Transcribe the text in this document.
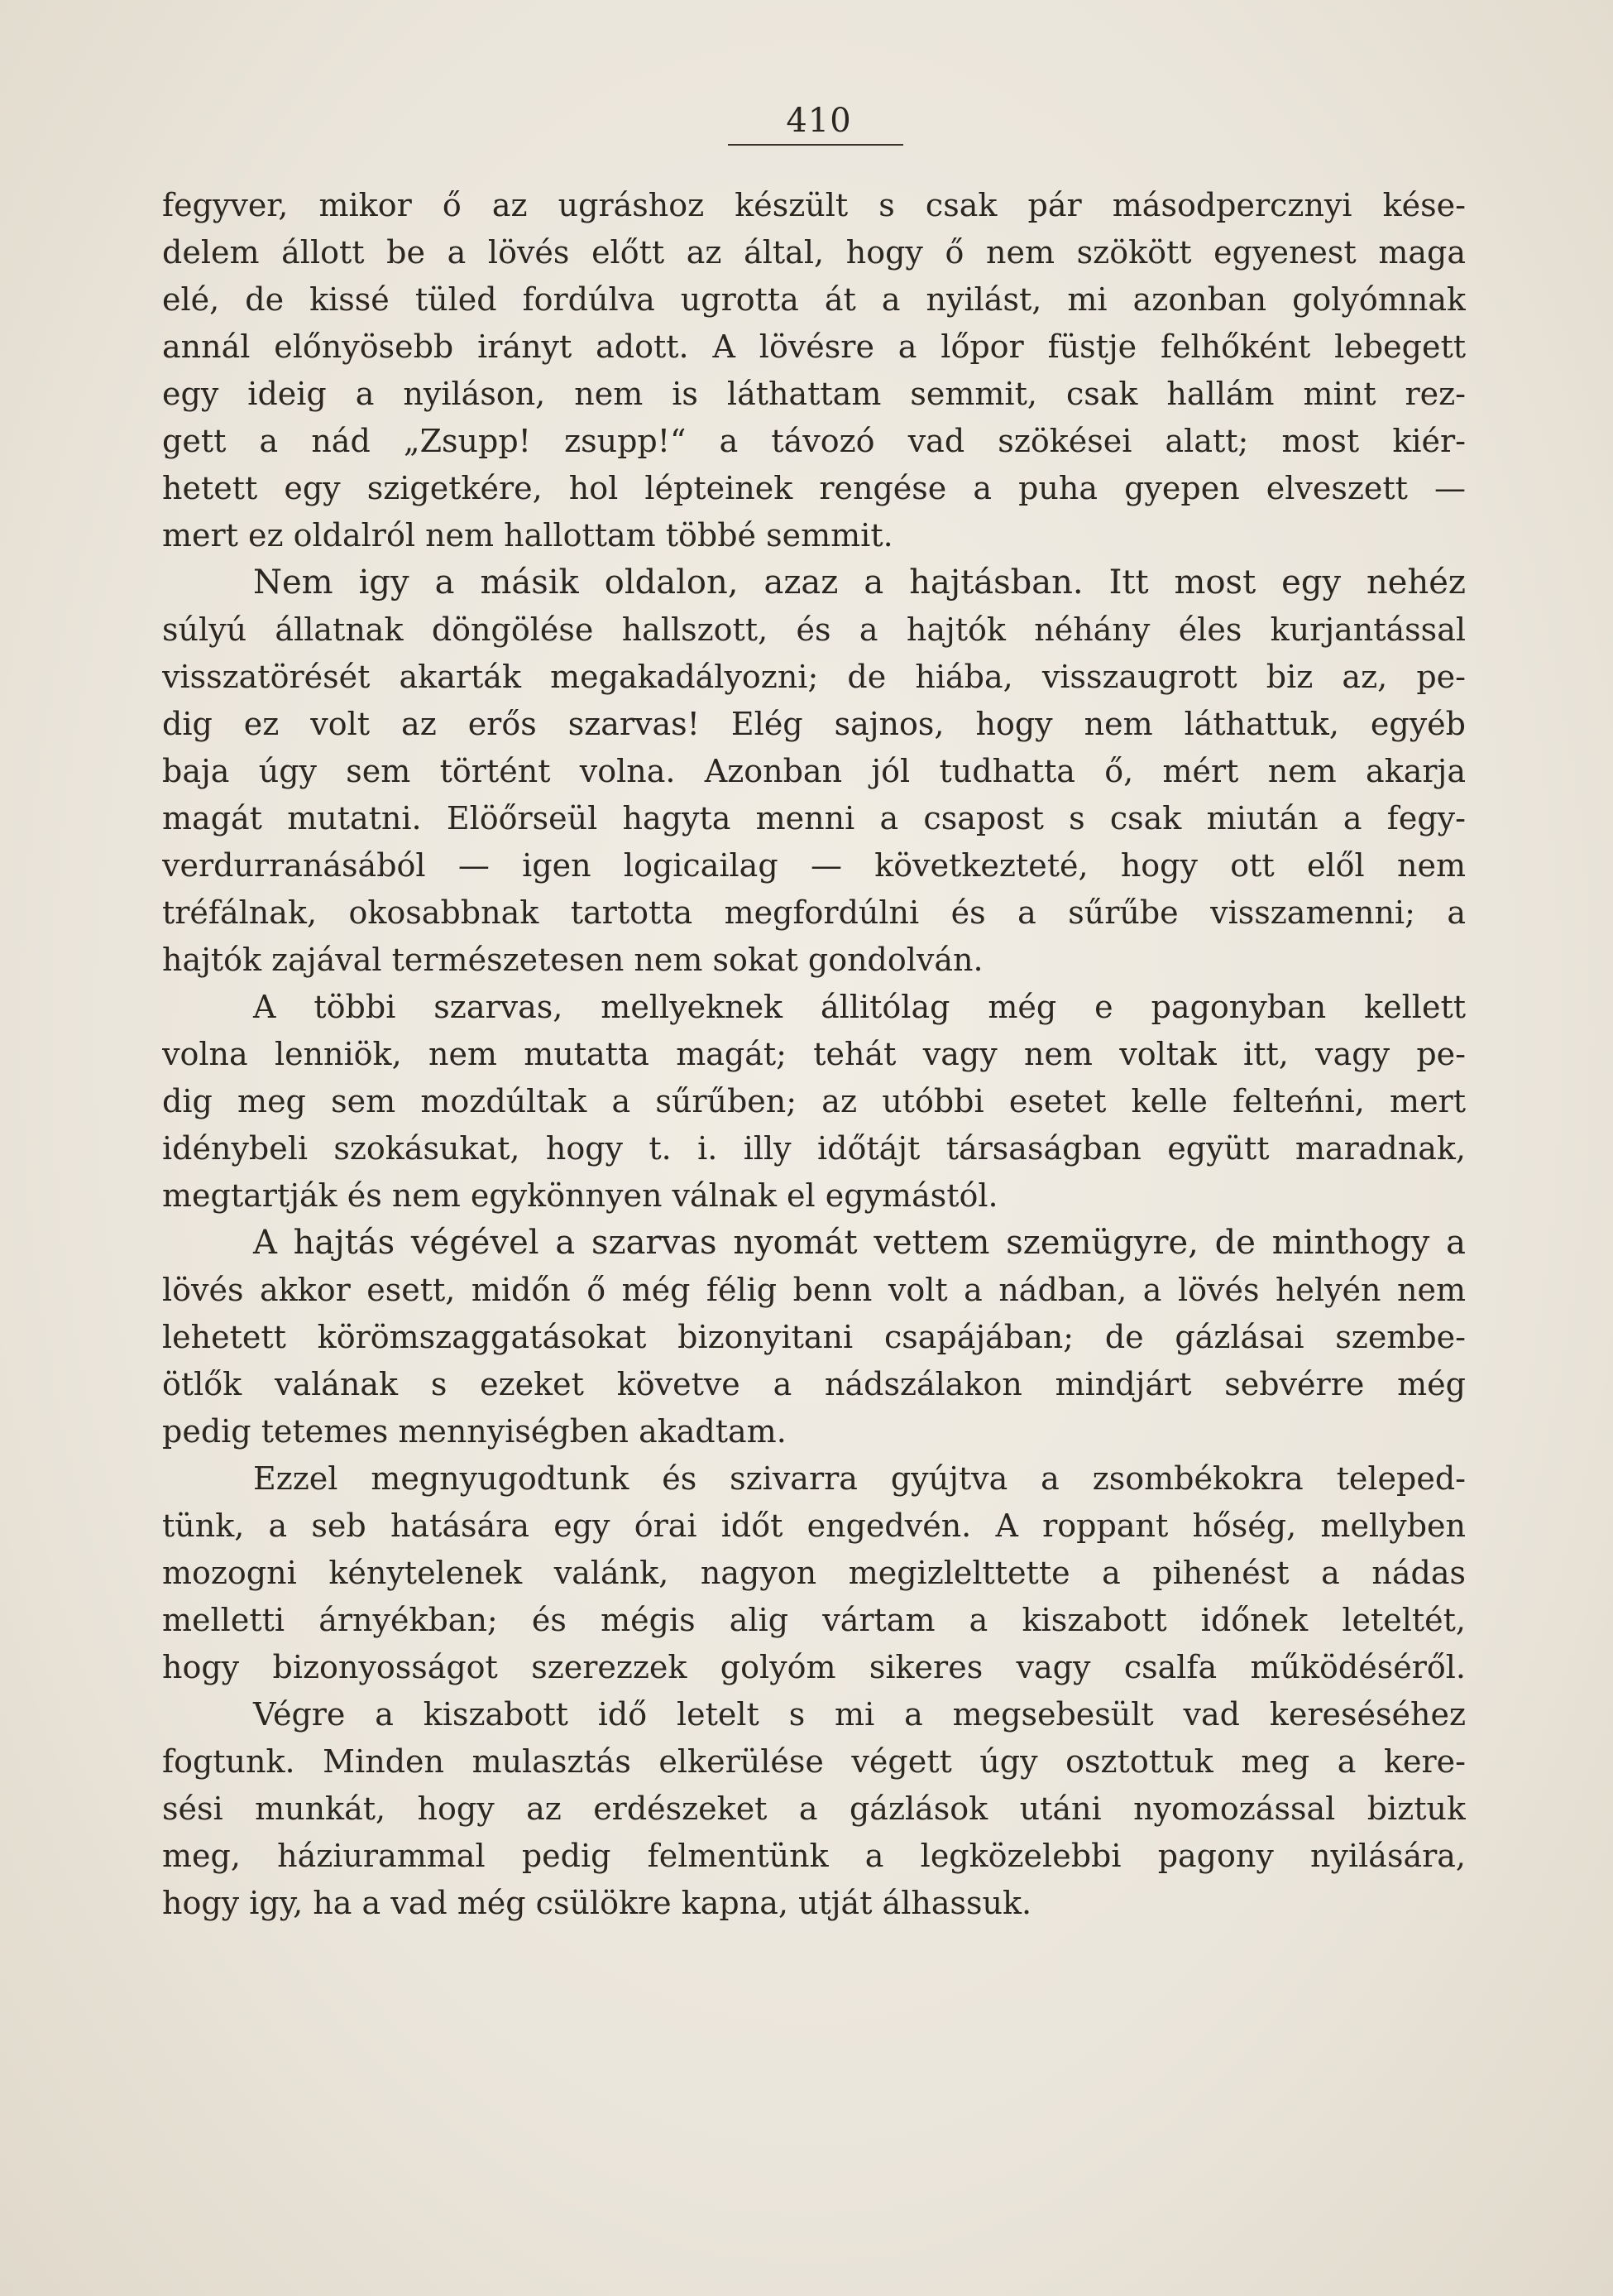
410
fegyver, mikor ő az ugráshoz készült s csak pár másodpercznyi kése-
delem állott be a lövés előtt az által, hogy ő nem szökött egyenest maga
elé, de kissé tüled fordúlva ugrotta át a nyilást, mi azonban golyómnak
annál előnyösebb irányt adott. A lövésre a lőpor füstje felhőként lebegett
egy ideig a nyiláson, nem is láthattam semmit, csak hallám mint rez-
gett a nád „Zsupp! zsupp!“ a távozó vad szökései alatt; most kiér-
hetett egy szigetkére, hol lépteinek rengése a puha gyepen elveszett —
mert ez oldalról nem hallottam többé semmit.
Nem igy a másik oldalon, azaz a hajtásban. Itt most egy nehéz
súlyú állatnak döngölése hallszott, és a hajtók néhány éles kurjantással
visszatörését akarták megakadályozni; de hiába, visszaugrott biz az, pe-
dig ez volt az erős szarvas! Elég sajnos, hogy nem láthattuk, egyéb
baja úgy sem történt volna. Azonban jól tudhatta ő, mért nem akarja
magát mutatni. Elöőrseül hagyta menni a csapost s csak miután a fegy-
verdurranásából — igen logicailag — következteté, hogy ott elől nem
tréfálnak, okosabbnak tartotta megfordúlni és a sűrűbe visszamenni; a
hajtók zajával természetesen nem sokat gondolván.
A többi szarvas, mellyeknek állitólag még e pagonyban kellett
volna lenniök, nem mutatta magát; tehát vagy nem voltak itt, vagy pe-
dig meg sem mozdúltak a sűrűben; az utóbbi esetet kelle felteńni, mert
idénybeli szokásukat, hogy t. i. illy időtájt társaságban együtt maradnak,
megtartják és nem egykönnyen válnak el egymástól.
A hajtás végével a szarvas nyomát vettem szemügyre, de minthogy a
lövés akkor esett, midőn ő még félig benn volt a nádban, a lövés helyén nem
lehetett körömszaggatásokat bizonyitani csapájában; de gázlásai szembe-
ötlők valának s ezeket követve a nádszálakon mindjárt sebvérre még
pedig tetemes mennyiségben akadtam.
Ezzel megnyugodtunk és szivarra gyújtva a zsombékokra teleped-
tünk, a seb hatására egy órai időt engedvén. A roppant hőség, mellyben
mozogni kénytelenek valánk, nagyon megizlelttette a pihenést a nádas
melletti árnyékban; és mégis alig vártam a kiszabott időnek leteltét,
hogy bizonyosságot szerezzek golyóm sikeres vagy csalfa működéséről.
Végre a kiszabott idő letelt s mi a megsebesült vad kereséséhez
fogtunk. Minden mulasztás elkerülése végett úgy osztottuk meg a kere-
sési munkát, hogy az erdészeket a gázlások utáni nyomozással biztuk
meg, háziurammal pedig felmentünk a legközelebbi pagony nyilására,
hogy igy, ha a vad még csülökre kapna, utját álhassuk.
